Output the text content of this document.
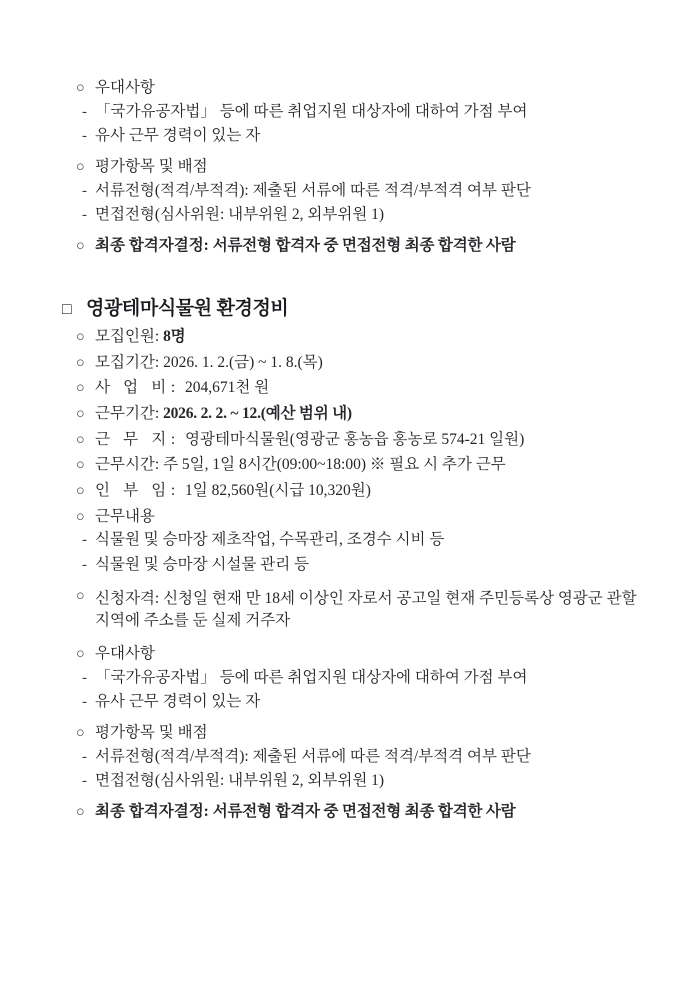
○ 우대사항
- 「국가유공자법」 등에 따른 취업지원 대상자에 대하여 가점 부여
- 유사 근무 경력이 있는 자
○ 평가항목 및 배점
- 서류전형(적격/부적격): 제출된 서류에 따른 적격/부적격 여부 판단
- 면접전형(심사위원: 내부위원 2, 외부위원 1)
○ 최종 합격자결정: 서류전형 합격자 중 면접전형 최종 합격한 사람
□ 영광테마식물원 환경정비
○ 모집인원: 8명
○ 모집기간: 2026. 1. 2.(금) ~ 1. 8.(목)
○ 사 업 비: 204,671천 원
○ 근무기간: 2026. 2. 2. ~ 12.(예산 범위 내)
○ 근 무 지: 영광테마식물원(영광군 홍농읍 홍농로 574-21 일원)
○ 근무시간: 주 5일, 1일 8시간(09:00~18:00) ※ 필요 시 추가 근무
○ 인 부 임: 1일 82,560원(시급 10,320원)
○ 근무내용
- 식물원 및 승마장 제초작업, 수목관리, 조경수 시비 등
- 식물원 및 승마장 시설물 관리 등
○ 신청자격: 신청일 현재 만 18세 이상인 자로서 공고일 현재 주민등록상 영광군 관할지역에 주소를 둔 실제 거주자
○ 우대사항
- 「국가유공자법」 등에 따른 취업지원 대상자에 대하여 가점 부여
- 유사 근무 경력이 있는 자
○ 평가항목 및 배점
- 서류전형(적격/부적격): 제출된 서류에 따른 적격/부적격 여부 판단
- 면접전형(심사위원: 내부위원 2, 외부위원 1)
○ 최종 합격자결정: 서류전형 합격자 중 면접전형 최종 합격한 사람
